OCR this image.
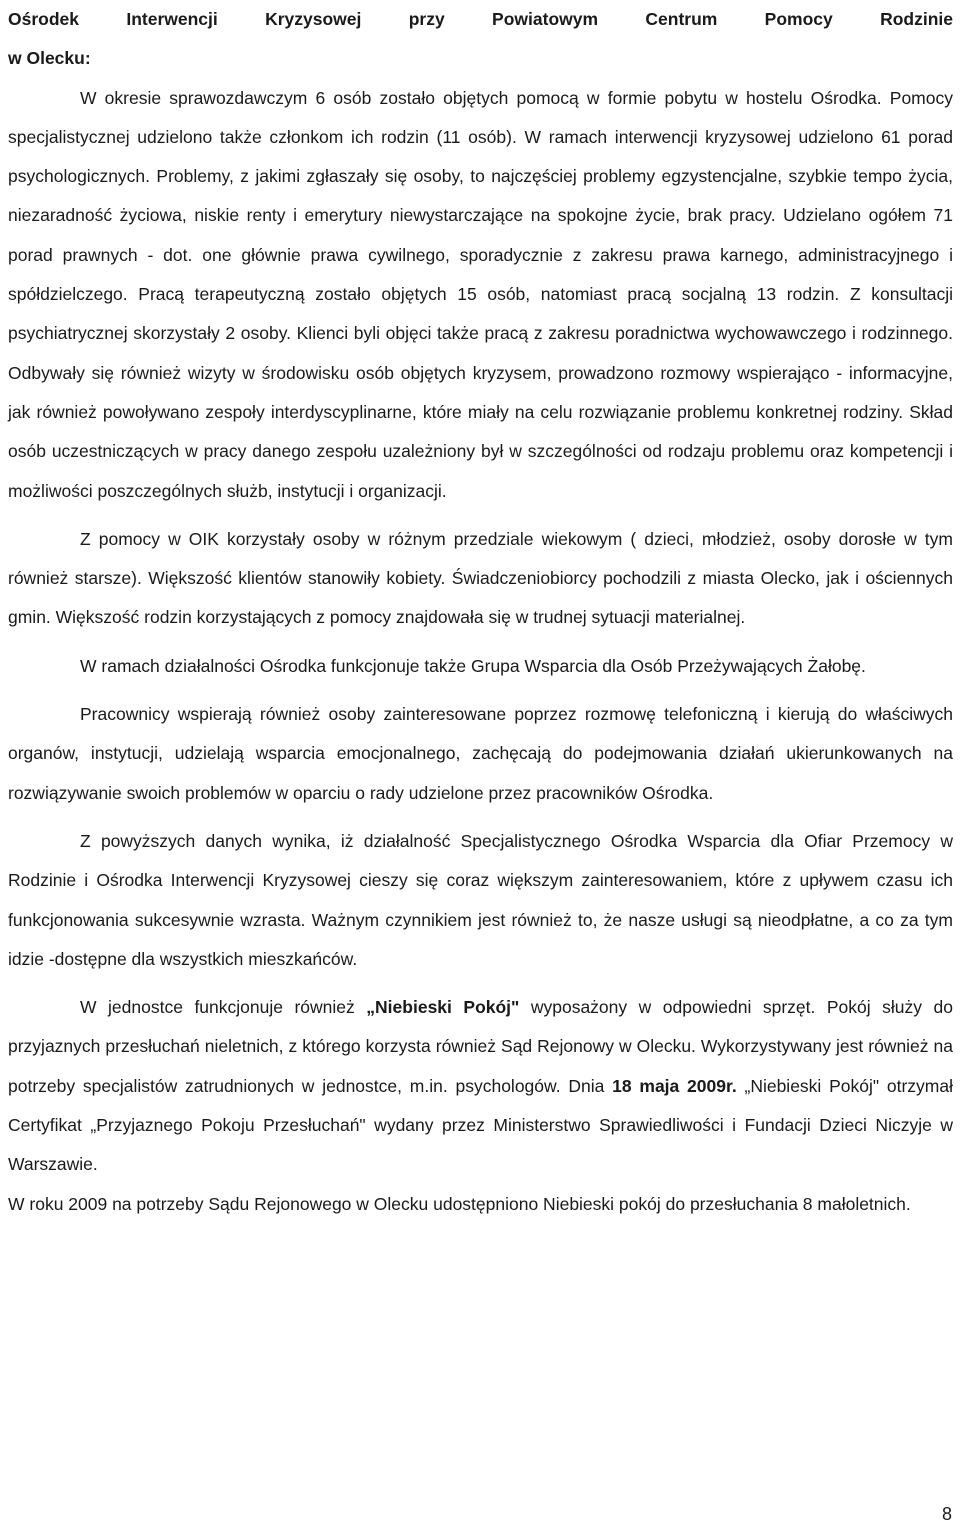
Ośrodek Interwencji Kryzysowej przy Powiatowym Centrum Pomocy Rodzinie

w Olecku:

W okresie sprawozdawczym 6 osób zostało objętych pomocą w formie pobytu w hostelu Ośrodka. Pomocy specjalistycznej udzielono także członkom ich rodzin (11 osób). W ramach interwencji kryzysowej udzielono 61 porad psychologicznych. Problemy, z jakimi zgłaszały się osoby, to najczęściej problemy egzystencjalne, szybkie tempo życia, niezaradność życiowa, niskie renty i emerytury niewystarczające na spokojne życie, brak pracy. Udzielano ogółem 71 porad prawnych - dot. one głównie prawa cywilnego, sporadycznie z zakresu prawa karnego, administracyjnego i spółdzielczego. Pracą terapeutyczną zostało objętych 15 osób, natomiast pracą socjalną 13 rodzin. Z konsultacji psychiatrycznej skorzystały 2 osoby. Klienci byli objęci także pracą z zakresu poradnictwa wychowawczego i rodzinnego. Odbywały się również wizyty w środowisku osób objętych kryzysem, prowadzono rozmowy wspierająco - informacyjne, jak również powoływano zespoły interdyscyplinarne, które miały na celu rozwiązanie problemu konkretnej rodziny. Skład osób uczestniczących w pracy danego zespołu uzależniony był w szczególności od rodzaju problemu oraz kompetencji i możliwości poszczególnych służb, instytucji i organizacji.

Z pomocy w OIK korzystały osoby w różnym przedziale wiekowym ( dzieci, młodzież, osoby dorosłe w tym również starsze). Większość klientów stanowiły kobiety. Świadczeniobiorcy pochodzili z miasta Olecko, jak i ościennych gmin. Większość rodzin korzystających z pomocy znajdowała się w trudnej sytuacji materialnej.

W ramach działalności Ośrodka funkcjonuje także Grupa Wsparcia dla Osób Przeżywających Żałobę.

Pracownicy wspierają również osoby zainteresowane poprzez rozmowę telefoniczną i kierują do właściwych organów, instytucji, udzielają wsparcia emocjonalnego, zachęcają do podejmowania działań ukierunkowanych na rozwiązywanie swoich problemów w oparciu o rady udzielone przez pracowników Ośrodka.

Z powyższych danych wynika, iż działalność Specjalistycznego Ośrodka Wsparcia dla Ofiar Przemocy w Rodzinie i Ośrodka Interwencji Kryzysowej cieszy się coraz większym zainteresowaniem, które z upływem czasu ich funkcjonowania sukcesywnie wzrasta. Ważnym czynnikiem jest również to, że nasze usługi są nieodpłatne, a co za tym idzie -dostępne dla wszystkich mieszkańców.

W jednostce funkcjonuje również „Niebieski Pokój" wyposażony w odpowiedni sprzęt. Pokój służy do przyjaznych przesłuchań nieletnich, z którego korzysta również Sąd Rejonowy w Olecku. Wykorzystywany jest również na potrzeby specjalistów zatrudnionych w jednostce, m.in. psychologów. Dnia 18 maja 2009r. „Niebieski Pokój" otrzymał Certyfikat „Przyjaznego Pokoju Przesłuchań" wydany przez Ministerstwo Sprawiedliwości i Fundacji Dzieci Niczyje w Warszawie.

W roku 2009 na potrzeby Sądu Rejonowego w Olecku udostępniono Niebieski pokój do przesłuchania 8 małoletnich.

8
